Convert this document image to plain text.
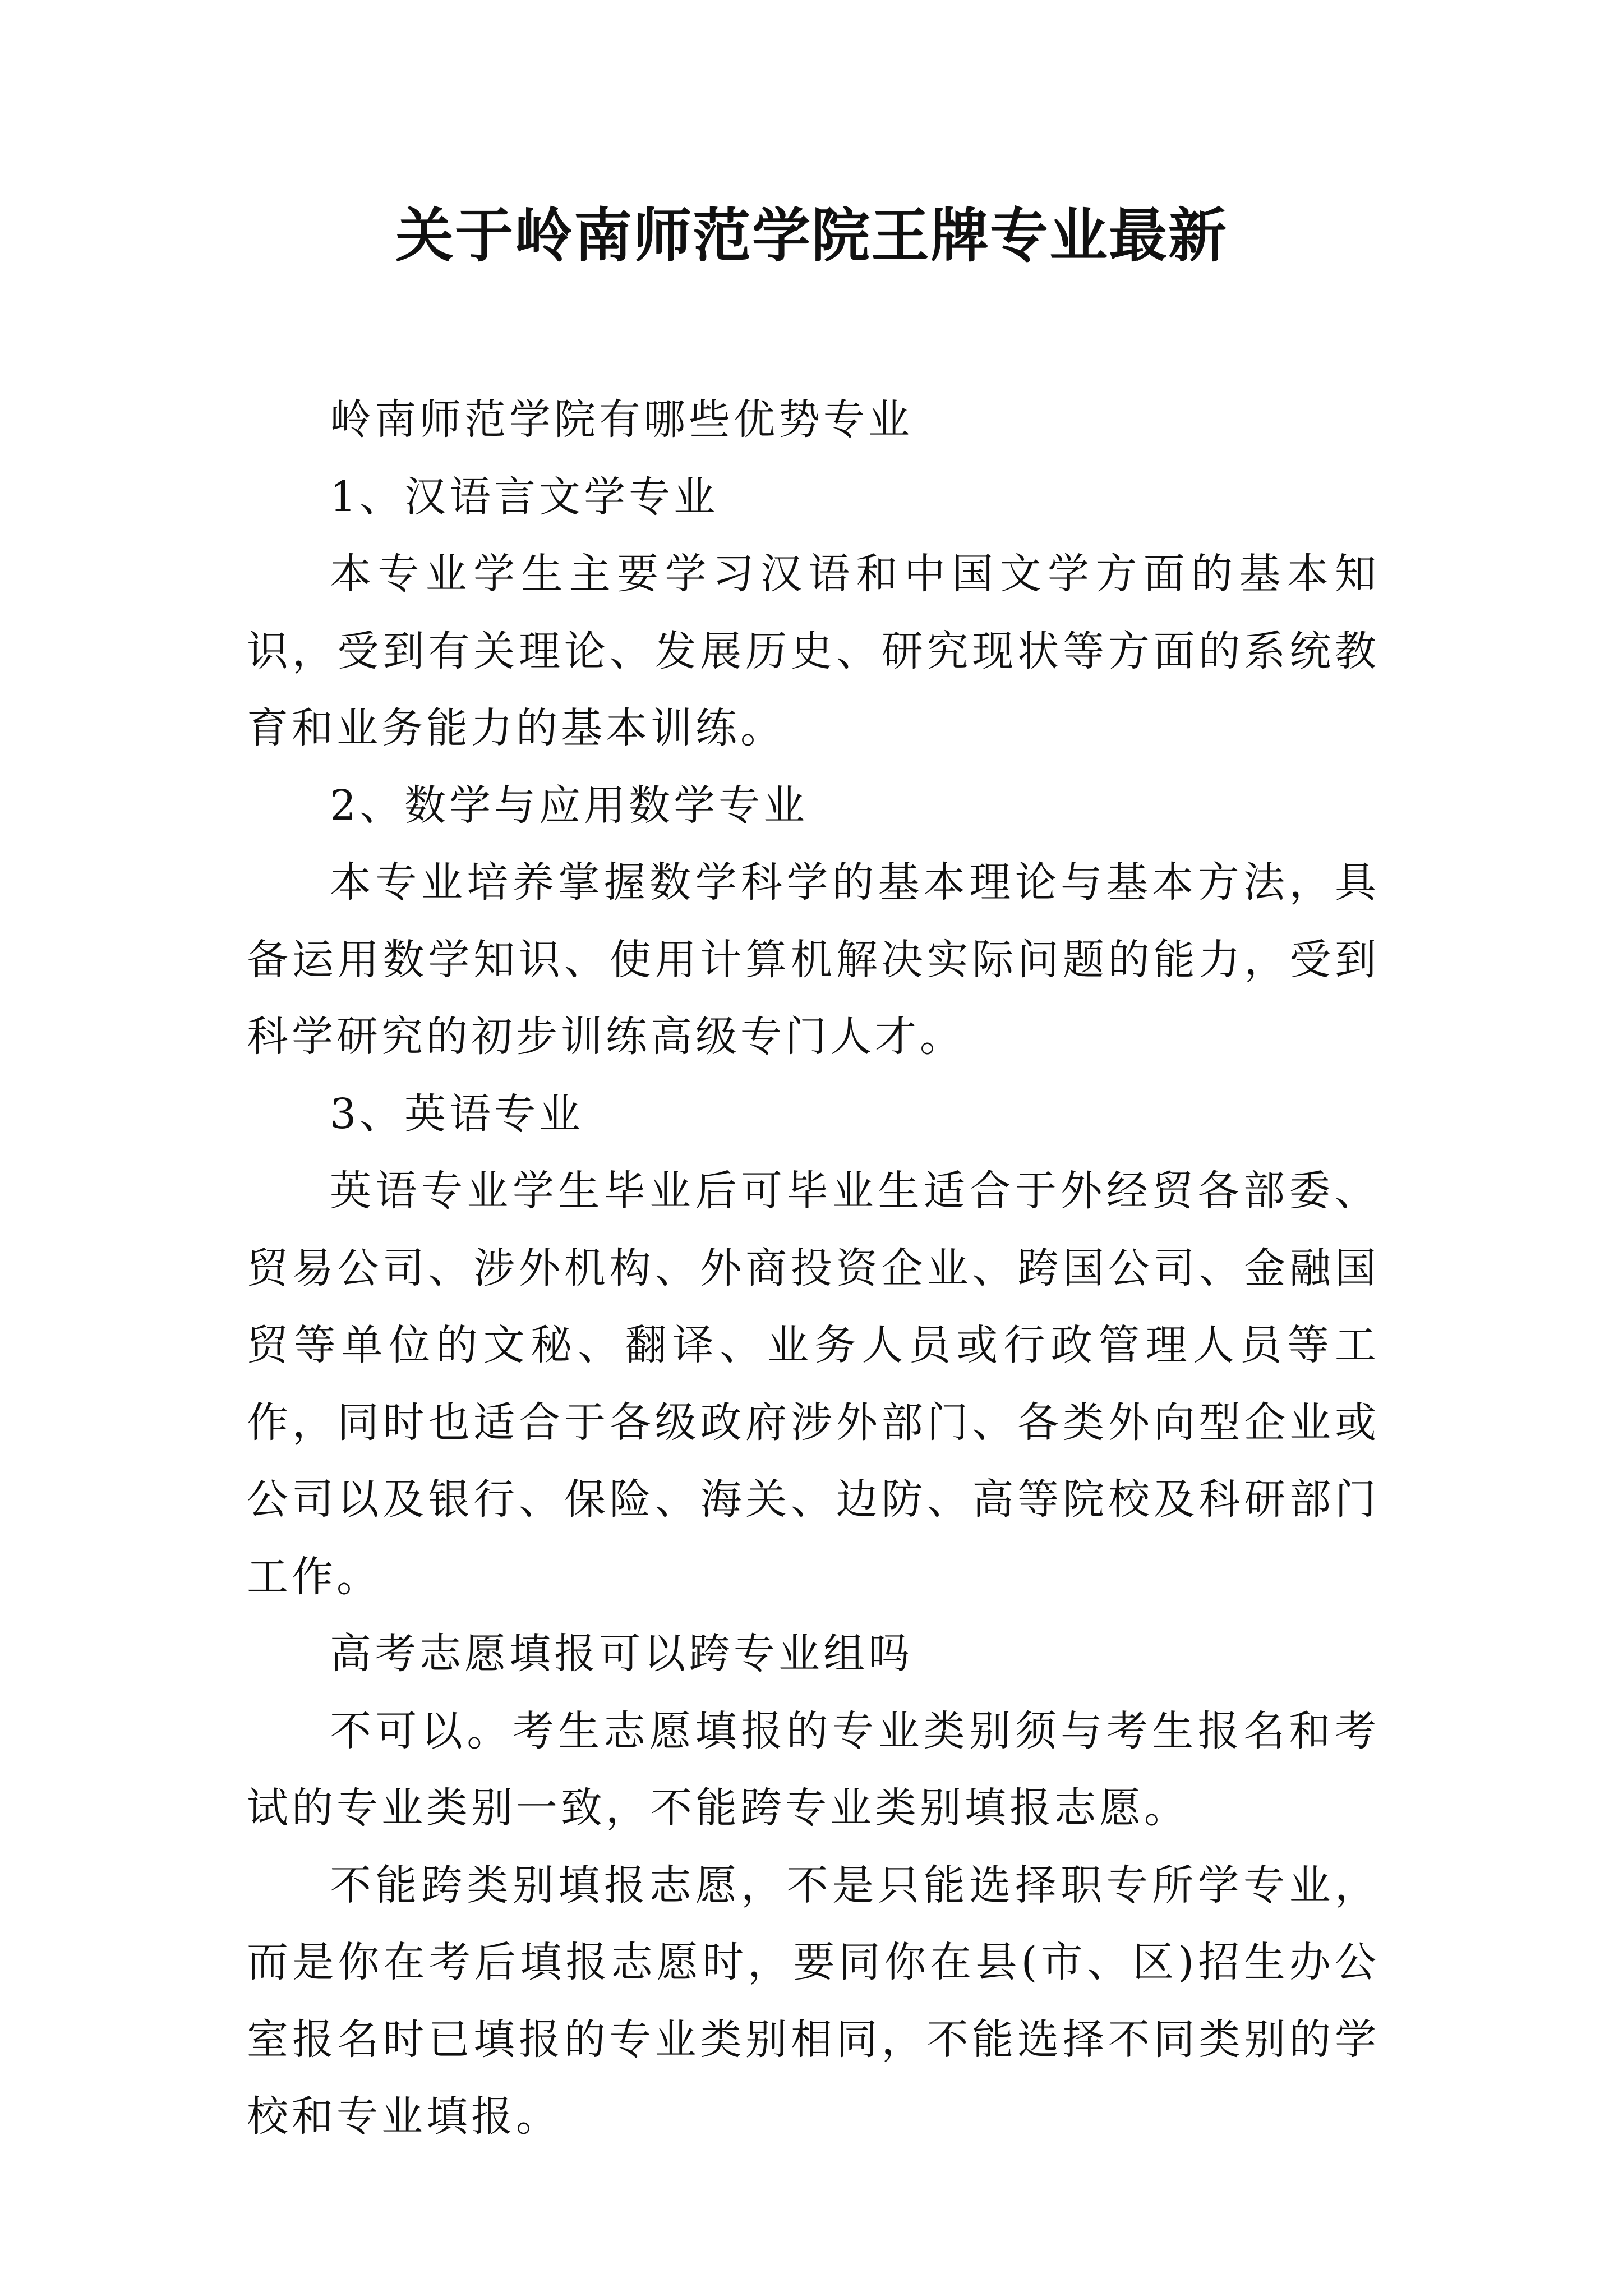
关于岭南师范学院王牌专业最新

岭南师范学院有哪些优势专业

1、汉语言文学专业

本专业学生主要学习汉语和中国文学方面的基本知识，受到有关理论、发展历史、研究现状等方面的系统教育和业务能力的基本训练。

2、数学与应用数学专业

本专业培养掌握数学科学的基本理论与基本方法，具备运用数学知识、使用计算机解决实际问题的能力，受到科学研究的初步训练高级专门人才。

3、英语专业

英语专业学生毕业后可毕业生适合于外经贸各部委、贸易公司、涉外机构、外商投资企业、跨国公司、金融国贸等单位的文秘、翻译、业务人员或行政管理人员等工作，同时也适合于各级政府涉外部门、各类外向型企业或公司以及银行、保险、海关、边防、高等院校及科研部门工作。

高考志愿填报可以跨专业组吗

不可以。考生志愿填报的专业类别须与考生报名和考试的专业类别一致，不能跨专业类别填报志愿。

不能跨类别填报志愿，不是只能选择职专所学专业，而是你在考后填报志愿时，要同你在县(市、区)招生办公室报名时已填报的专业类别相同，不能选择不同类别的学校和专业填报。
